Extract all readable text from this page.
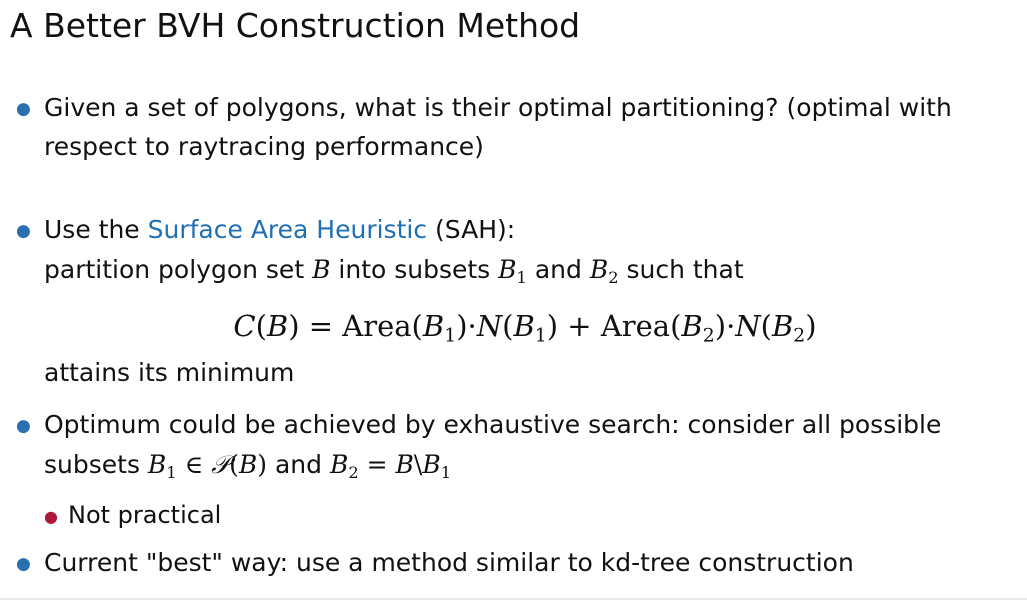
A Better BVH Construction Method
● Given a set of polygons, what is their optimal partitioning? (optimal with
respect to raytracing performance)
● Use the Surface Area Heuristic (SAH):
partition polygon set B into subsets B1 and B2 such that
C(B) = Area(B1)·N(B1) + Area(B2)·N(B2)
attains its minimum
● Optimum could be achieved by exhaustive search: consider all possible
subsets B1 ∈ 𝒫(B) and B2 = B\B1
● Not practical
● Current "best" way: use a method similar to kd-tree construction
